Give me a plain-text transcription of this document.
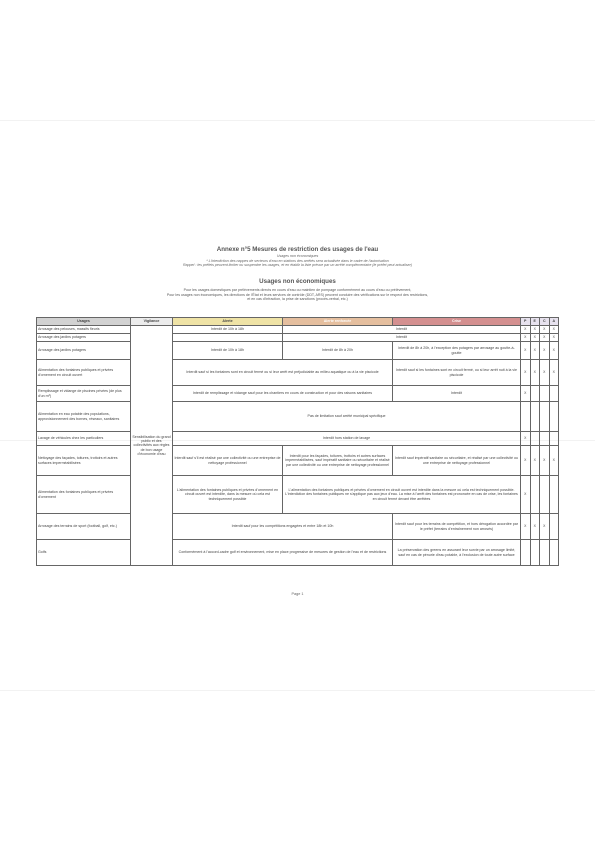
Annexe n°5 Mesures de restriction des usages de l'eau
Usages non économiques
* L'interdiction des nappes de secteurs d'eau en stations des arrêtés sera actualisée dans le cadre de l'autorisation
Rappel : les préfets peuvent limiter ou suspendre les usages, et en établir la liste prévue par un arrêté complémentaire (le préfet peut actualiser)
Usages non économiques
Pour les usages domestiques par prélèvements directs en cours d'eau ou maintien de pompage conformément au cours d'eau ou prélèvement,
Pour les usages non économiques, les directions de l'État et leurs services de contrôle (DDT, ARS) peuvent conduire des vérifications sur le respect des restrictions,
et en cas d'infraction, la prise de sanctions (procès-verbal, etc.)
Usages	Vigilance	Alerte	Alerte renforcée	Crise	P	E	C	A
Arrosage des pelouses, massifs fleuris	Sensibilisation du grand public et des collectivités aux règles de bon usage d'économie d'eau	Interdit de 10h à 18h	Interdit		X	X	X	X
Arrosage des jardins potagers			Interdit		X	X	X	X
Arrosage des jardins potagers		Interdit de 10h à 18h	Interdit de 8h à 20h	Interdit de 8h à 20h, à l'exception des potagers par arrosage au goutte-à-goutte	X	X	X	X
Alimentation des fontaines publiques et privées d'ornement en circuit ouvert		Interdit sauf si les fontaines sont en circuit fermé ou si leur arrêt est préjudiciable au milieu aquatique ou à la vie piscicole		Interdit sauf si les fontaines sont en circuit fermé, ou si leur arrêt nuit à la vie piscicole	X	X	X	X
Remplissage et vidange de piscines privées (de plus d'un m³)		Interdit de remplissage et vidange sauf pour les chantiers en cours de construction et pour des raisons sanitaires		Interdit	X			
Alimentation en eau potable des populations, approvisionnement des bornes, réseaux, sanitaires		Pas de limitation sauf arrêté municipal spécifique						
Lavage de véhicules chez les particuliers		Interdit hors station de lavage			X			
Nettoyage des façades, toitures, trottoirs et autres surfaces imperméabilisées		Interdit sauf s'il est réalisé par une collectivité ou une entreprise de nettoyage professionnel	Interdit pour les façades, toitures, trottoirs et autres surfaces imperméabilisées, sauf impératif sanitaire ou sécuritaire et réalisé par une collectivité ou une entreprise de nettoyage professionnel	Interdit sauf impératif sanitaire ou sécuritaire, et réalisé par une collectivité ou une entreprise de nettoyage professionnel	X	X	X	X
Alimentation des fontaines publiques et privées d'ornement		L'alimentation des fontaines publiques et privées d'ornement en circuit ouvert est interdite, dans la mesure où cela est techniquement possible	L'alimentation des fontaines publiques et privées d'ornement en circuit ouvert est interdite dans la mesure où cela est techniquement possible. L'interdiction des fontaines publiques ne s'applique pas aux jeux d'eau. La mise à l'arrêt des fontaines est prononcée en cas de crise, les fontaines en circuit fermé devant être arrêtées		X			
Arrosage des terrains de sport (football, golf, etc.)		Interdit sauf pour les compétitions engagées et entre 18h et 10h		Interdit sauf pour les terrains de compétition, et hors dérogation accordée par le préfet (terrains d'entraînement non arrosés)	X	X	X	
Golfs		Conformément à l'accord-cadre golf et environnement, mise en place progressive de mesures de gestion de l'eau et de restrictions		La préservation des greens en assurant leur survie par un arrosage limité, sauf en cas de pénurie d'eau potable, à l'exclusion de toute autre surface				
Page 1
